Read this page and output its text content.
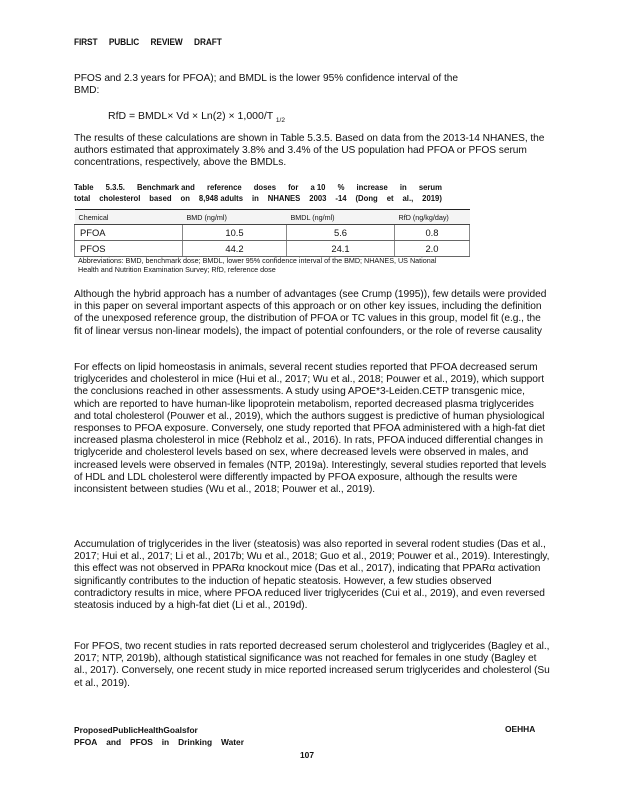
FIRST PUBLIC REVIEW DRAFT
PFOS and 2.3 years for PFOA); and BMDL is the lower 95% confidence interval of the
BMD:
RfD = BMDL× Vd × Ln(2) × 1,000/T $_{1/2}$
The results of these calculations are shown in Table 5.3.5. Based on data from the 2013-14 NHANES, the authors estimated that approximately 3.8% and 3.4% of the US population had PFOA or PFOS serum concentrations, respectively, above the BMDLs.
Table 5.3.5. Benchmark and reference doses for a 10 % increase in serum
total cholesterol based on 8,948 adults in NHANES 2003 -14 (Dong et al., 2019)
Chemical	BMD (ng/ml)	BMDL (ng/ml)	RfD (ng/kg/day)
PFOA	10.5	5.6	0.8
PFOS	44.2	24.1	2.0
Abbreviations: BMD, benchmark dose; BMDL, lower 95% confidence interval of the BMD; NHANES, US National Health and Nutrition Examination Survey; RfD, reference dose
Although the hybrid approach has a number of advantages (see Crump (1995)), few details were provided in this paper on several important aspects of this approach or on other key issues, including the definition of the unexposed reference group, the distribution of PFOA or TC values in this group, model fit (e.g., the fit of linear versus non-linear models), the impact of potential confounders, or the role of reverse causality
For effects on lipid homeostasis in animals, several recent studies reported that PFOA decreased serum triglycerides and cholesterol in mice (Hui et al., 2017; Wu et al., 2018; Pouwer et al., 2019), which support the conclusions reached in other assessments. A study using APOE*3-Leiden.CETP transgenic mice, which are reported to have human-like lipoprotein metabolism, reported decreased plasma triglycerides and total cholesterol (Pouwer et al., 2019), which the authors suggest is predictive of human physiological responses to PFOA exposure. Conversely, one study reported that PFOA administered with a high-fat diet increased plasma cholesterol in mice (Rebholz et al., 2016). In rats, PFOA induced differential changes in triglyceride and cholesterol levels based on sex, where decreased levels were observed in males, and increased levels were observed in females (NTP, 2019a). Interestingly, several studies reported that levels of HDL and LDL cholesterol were differently impacted by PFOA exposure, although the results were inconsistent between studies (Wu et al., 2018; Pouwer et al., 2019).
Accumulation of triglycerides in the liver (steatosis) was also reported in several rodent studies (Das et al., 2017; Hui et al., 2017; Li et al., 2017b; Wu et al., 2018; Guo et al., 2019; Pouwer et al., 2019). Interestingly, this effect was not observed in PPARα knockout mice (Das et al., 2017), indicating that PPARα activation significantly contributes to the induction of hepatic steatosis. However, a few studies observed contradictory results in mice, where PFOA reduced liver triglycerides (Cui et al., 2019), and even reversed steatosis induced by a high-fat diet (Li et al., 2019d).
For PFOS, two recent studies in rats reported decreased serum cholesterol and triglycerides (Bagley et al., 2017; NTP, 2019b), although statistical significance was not reached for females in one study (Bagley et al., 2017). Conversely, one recent study in mice reported increased serum triglycerides and cholesterol (Su et al., 2019).
Proposed Public Health Goals for
PFOA and PFOS in Drinking Water
OEHHA
107
